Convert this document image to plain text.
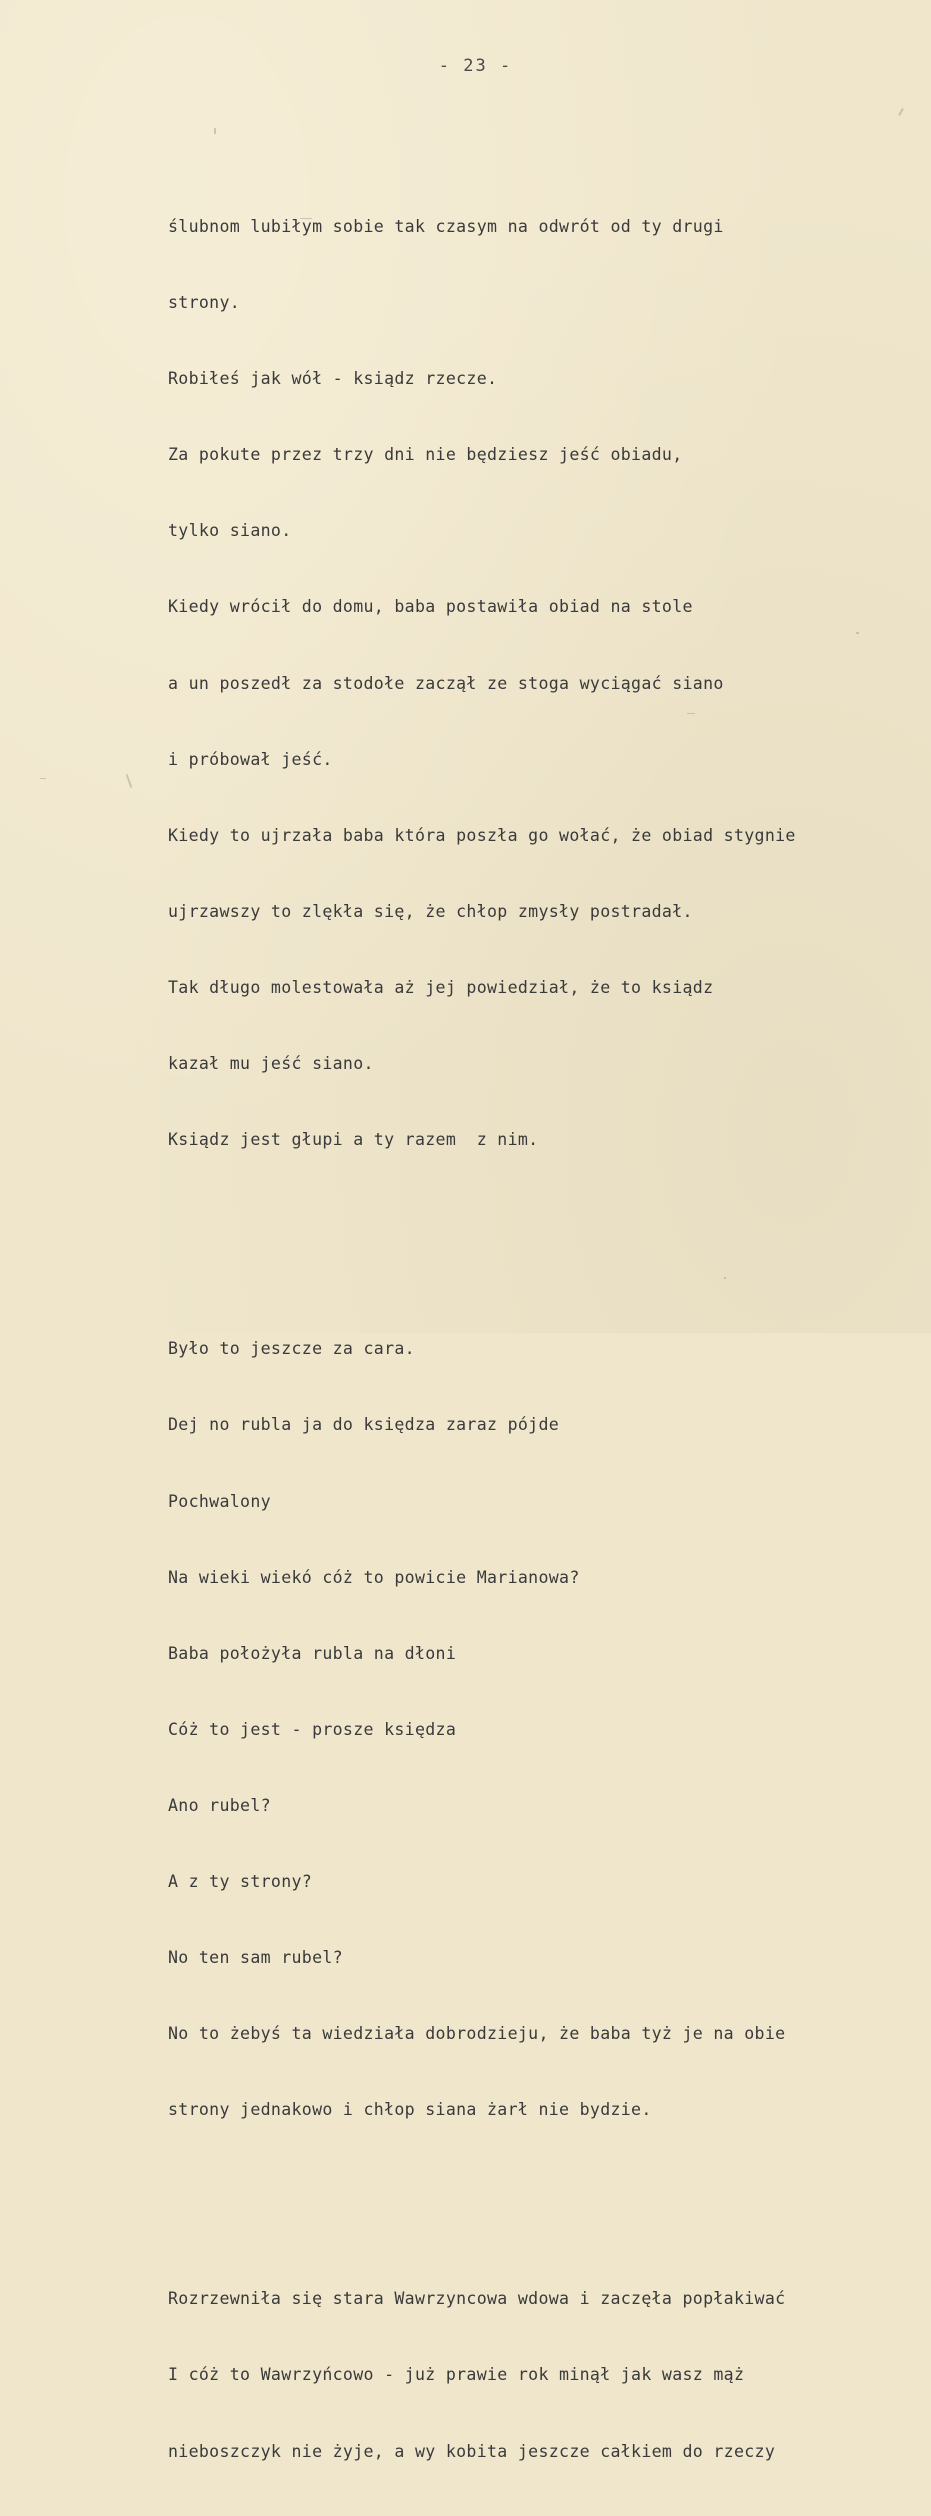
- 23 -

ślubnom lubiłym sobie tak czasym na odwrót od ty drugi

strony.

Robiłeś jak wół - ksiądz rzecze.

Za pokute przez trzy dni nie będziesz jeść obiadu,

tylko siano.

Kiedy wrócił do domu, baba postawiła obiad na stole

a un poszedł za stodołe zaczął ze stoga wyciągać siano

i próbował jeść.

Kiedy to ujrzała baba która poszła go wołać, że obiad stygnie

ujrzawszy to zlękła się, że chłop zmysły postradał.

Tak długo molestowała aż jej powiedział, że to ksiądz

kazał mu jeść siano.

Ksiądz jest głupi a ty razem  z nim.

Było to jeszcze za cara.

Dej no rubla ja do księdza zaraz pójde

Pochwalony

Na wieki wiekó cóż to powicie Marianowa?

Baba położyła rubla na dłoni

Cóż to jest - prosze księdza

Ano rubel?

A z ty strony?

No ten sam rubel?

No to żebyś ta wiedziała dobrodzieju, że baba tyż je na obie

strony jednakowo i chłop siana żarł nie bydzie.

Rozrzewniła się stara Wawrzyncowa wdowa i zaczęła popłakiwać

I cóż to Wawrzyńcowo - już prawie rok minął jak wasz mąż

nieboszczyk nie żyje, a wy kobita jeszcze całkiem do rzeczy
